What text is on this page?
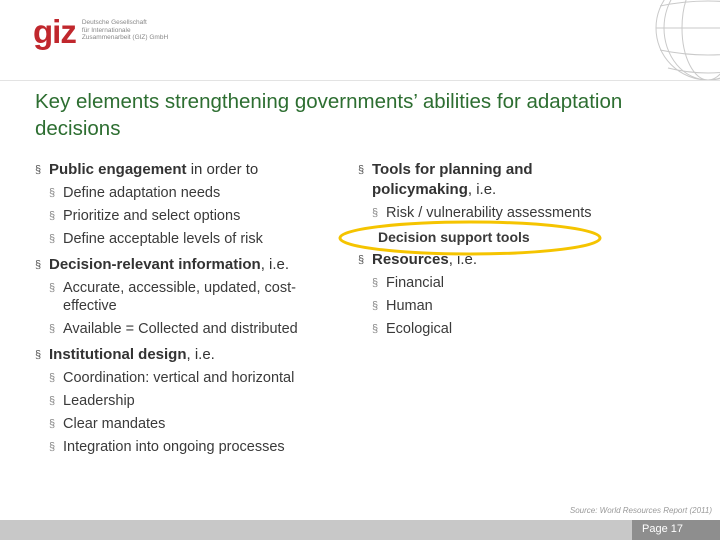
giz Deutsche Gesellschaft
für Internationale
Zusammenarbeit (GIZ) GmbH
Key elements strengthening governments’ abilities for adaptation decisions
§ Public engagement in order to
§ Define adaptation needs
§ Prioritize and select options
§ Define acceptable levels of risk
§ Decision-relevant information, i.e.
§ Accurate, accessible, updated, cost-effective
§ Available = Collected and distributed
§ Institutional design, i.e.
§ Coordination: vertical and horizontal
§ Leadership
§ Clear mandates
§ Integration into ongoing processes
§ Tools for planning and policymaking, i.e.
§ Risk / vulnerability assessments
Decision support tools
§ Resources, i.e.
§ Financial
§ Human
§ Ecological
Source: World Resources Report (2011)
Page 17
